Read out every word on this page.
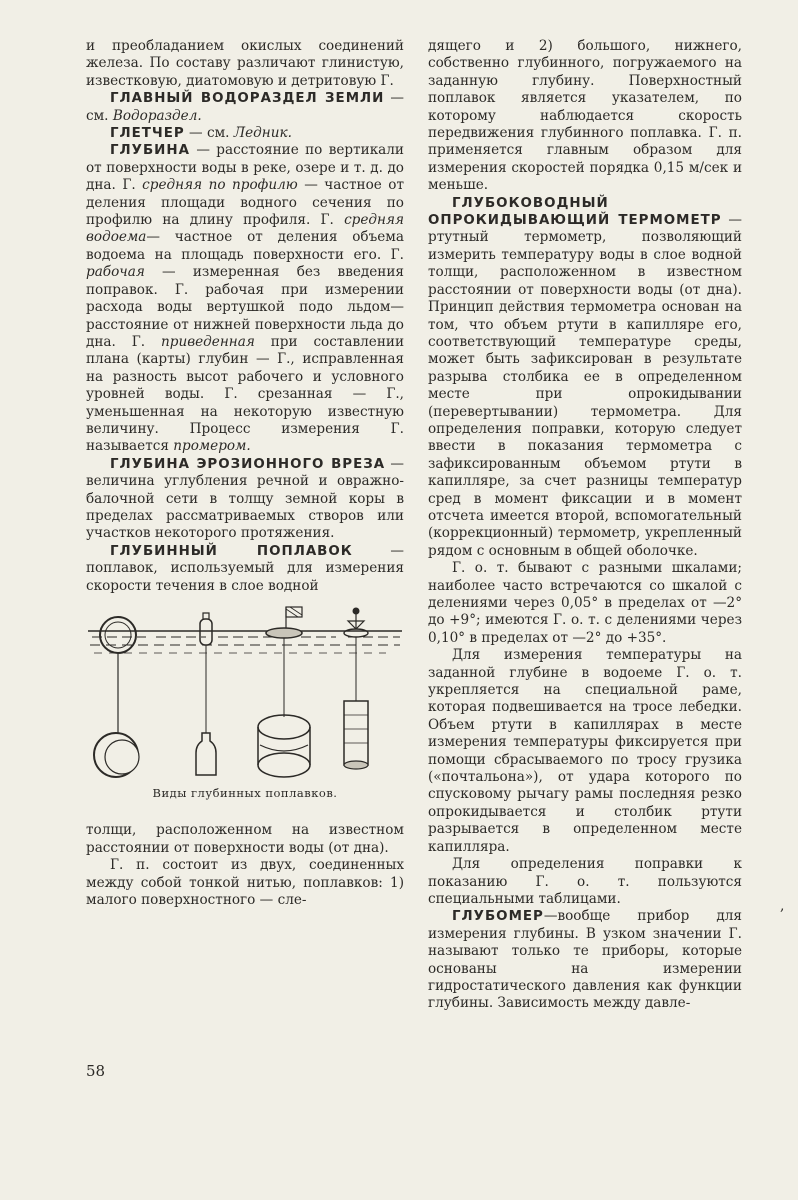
и преобладанием окислых соединений железа. По составу различают глинистую, известковую, диатомовую и детритовую Г.

ГЛАВНЫЙ ВОДОРАЗДЕЛ ЗЕМЛИ — см. Водораздел.

ГЛЕТЧЕР — см. Ледник.

ГЛУБИНА — расстояние по вертикали от поверхности воды в реке, озере и т. д. до дна. Г. средняя по профилю — частное от деления площади водного сечения по профилю на длину профиля. Г. средняя водоема— частное от деления объема водоема на площадь поверхности его. Г. рабочая — измеренная без введения поправок. Г. рабочая при измерении расхода воды вертушкой подо льдом— расстояние от нижней поверхности льда до дна. Г. приведенная при составлении плана (карты) глубин — Г., исправленная на разность высот рабочего и условного уровней воды. Г. срезанная — Г., уменьшенная на некоторую известную величину. Процесс измерения Г. называется промером.

ГЛУБИНА ЭРОЗИОННОГО ВРЕЗА — величина углубления речной и овражно-балочной сети в толщу земной коры в пределах рассматриваемых створов или участков некоторого протяжения.

ГЛУБИННЫЙ ПОПЛАВОК — поплавок, используемый для измерения скорости течения в слое водной

Виды глубинных поплавков.

толщи, расположенном на известном расстоянии от поверхности воды (от дна).

Г. п. состоит из двух, соединенных между собой тонкой нитью, поплавков: 1) малого поверхностного — сле-

дящего и 2) большого, нижнего, собственно глубинного, погружаемого на заданную глубину. Поверхностный поплавок является указателем, по которому наблюдается скорость передвижения глубинного поплавка. Г. п. применяется главным образом для измерения скоростей порядка 0,15 м/сек и меньше.

ГЛУБОКОВОДНЫЙ ОПРОКИДЫВАЮЩИЙ ТЕРМОМЕТР — ртутный термометр, позволяющий измерить температуру воды в слое водной толщи, расположенном в известном расстоянии от поверхности воды (от дна). Принцип действия термометра основан на том, что объем ртути в капилляре его, соответствующий температуре среды, может быть зафиксирован в результате разрыва столбика ее в определенном месте при опрокидывании (перевертывании) термометра. Для определения поправки, которую следует ввести в показания термометра с зафиксированным объемом ртути в капилляре, за счет разницы температур сред в момент фиксации и в момент отсчета имеется второй, вспомогательный (коррекционный) термометр, укрепленный рядом с основным в общей оболочке.

Г. о. т. бывают с разными шкалами; наиболее часто встречаются со шкалой с делениями через 0,05° в пределах от —2° до +9°; имеются Г. о. т. с делениями через 0,10° в пределах от —2° до +35°.

Для измерения температуры на заданной глубине в водоеме Г. о. т. укрепляется на специальной раме, которая подвешивается на тросе лебедки. Объем ртути в капиллярах в месте измерения температуры фиксируется при помощи сбрасываемого по тросу грузика («почтальона»), от удара которого по спусковому рычагу рамы последняя резко опрокидывается и столбик ртути разрывается в определенном месте капилляра.

Для определения поправки к показанию Г. о. т. пользуются специальными таблицами.

ГЛУБОМЕР—вообще прибор для измерения глубины. В узком значении Г. называют только те приборы, которые основаны на измерении гидростатического давления как функции глубины. Зависимость между давле-

58
,
